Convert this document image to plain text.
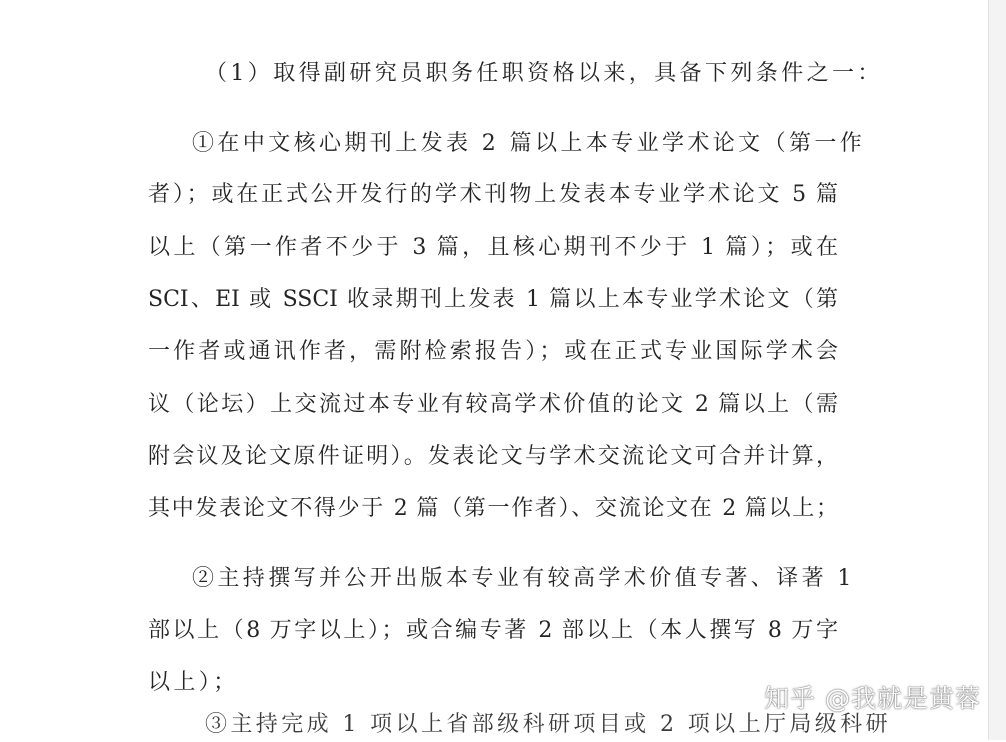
（1）取得副研究员职务任职资格以来，具备下列条件之一：
①在中文核心期刊上发表 2 篇以上本专业学术论文（第一作
者）；或在正式公开发行的学术刊物上发表本专业学术论文 5 篇
以上（第一作者不少于 3 篇，且核心期刊不少于 1 篇）；或在
SCI、EI 或 SSCI 收录期刊上发表 1 篇以上本专业学术论文（第
一作者或通讯作者，需附检索报告）；或在正式专业国际学术会
议（论坛）上交流过本专业有较高学术价值的论文 2 篇以上（需
附会议及论文原件证明）。发表论文与学术交流论文可合并计算，
其中发表论文不得少于 2 篇（第一作者）、交流论文在 2 篇以上；
②主持撰写并公开出版本专业有较高学术价值专著、译著 1
部以上（8 万字以上）；或合编专著 2 部以上（本人撰写 8 万字
以上）；
③主持完成 1 项以上省部级科研项目或 2 项以上厅局级科研
知乎 @我就是黄蓉
